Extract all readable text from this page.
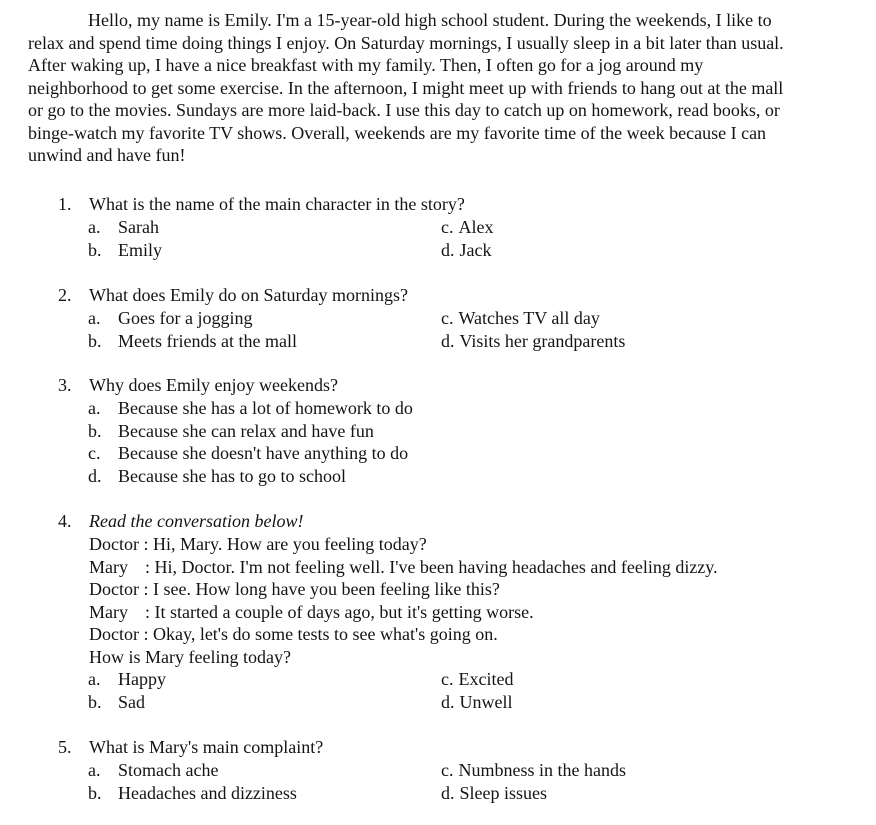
Hello, my name is Emily. I'm a 15-year-old high school student. During the weekends, I like to relax and spend time doing things I enjoy. On Saturday mornings, I usually sleep in a bit later than usual. After waking up, I have a nice breakfast with my family. Then, I often go for a jog around my neighborhood to get some exercise. In the afternoon, I might meet up with friends to hang out at the mall or go to the movies. Sundays are more laid-back. I use this day to catch up on homework, read books, or binge-watch my favorite TV shows. Overall, weekends are my favorite time of the week because I can unwind and have fun!

1. What is the name of the main character in the story?
a. Sarah	c. Alex
b. Emily	d. Jack
2. What does Emily do on Saturday mornings?
a. Goes for a jogging	c. Watches TV all day
b. Meets friends at the mall	d. Visits her grandparents
3. Why does Emily enjoy weekends?
a. Because she has a lot of homework to do
b. Because she can relax and have fun
c. Because she doesn't have anything to do
d. Because she has to go to school
4. Read the conversation below!
Doctor : Hi, Mary. How are you feeling today?
Mary : Hi, Doctor. I'm not feeling well. I've been having headaches and feeling dizzy.
Doctor : I see. How long have you been feeling like this?
Mary : It started a couple of days ago, but it's getting worse.
Doctor : Okay, let's do some tests to see what's going on.
How is Mary feeling today?
a. Happy	c. Excited
b. Sad	d. Unwell
5. What is Mary's main complaint?
a. Stomach ache	c. Numbness in the hands
b. Headaches and dizziness	d. Sleep issues
